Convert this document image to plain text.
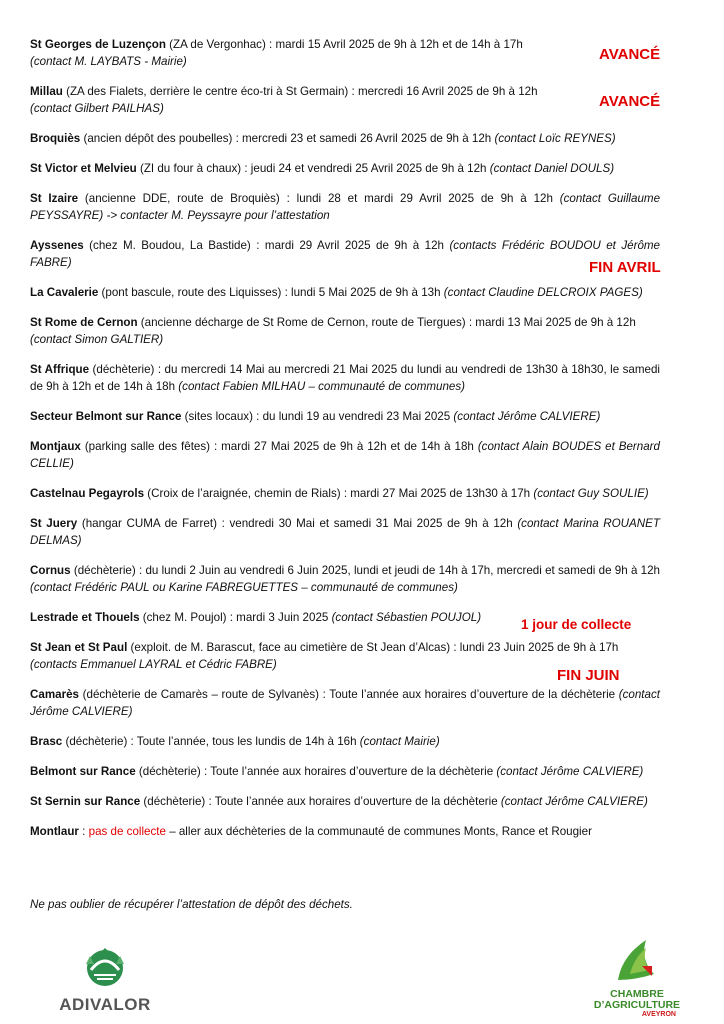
St Georges de Luzençon (ZA de Vergonhac) : mardi 15 Avril 2025 de 9h à 12h et de 14h à 17h
(contact M. LAYBATS - Mairie)
Millau (ZA des Fialets, derrière le centre éco-tri à St Germain) : mercredi 16 Avril 2025 de 9h à 12h
(contact Gilbert PAILHAS)
Broquiès (ancien dépôt des poubelles) : mercredi 23 et samedi 26 Avril 2025 de 9h à 12h (contact Loïc REYNES)
St Victor et Melvieu (ZI du four à chaux) : jeudi 24 et vendredi 25 Avril 2025 de 9h à 12h (contact Daniel DOULS)
St Izaire (ancienne DDE, route de Broquiès) : lundi 28 et mardi 29 Avril 2025 de 9h à 12h (contact Guillaume PEYSSAYRE) -> contacter M. Peyssayre pour l’attestation
Ayssenes (chez M. Boudou, La Bastide) : mardi 29 Avril 2025 de 9h à 12h (contacts Frédéric BOUDOU et Jérôme FABRE)
La Cavalerie (pont bascule, route des Liquisses) : lundi 5 Mai 2025 de 9h à 13h (contact Claudine DELCROIX PAGES)
St Rome de Cernon (ancienne décharge de St Rome de Cernon, route de Tiergues) : mardi 13 Mai 2025 de 9h à 12h
(contact Simon GALTIER)
St Affrique (déchèterie) : du mercredi 14 Mai au mercredi 21 Mai 2025 du lundi au vendredi de 13h30 à 18h30, le samedi de 9h à 12h et de 14h à 18h (contact Fabien MILHAU – communauté de communes)
Secteur Belmont sur Rance (sites locaux) : du lundi 19 au vendredi 23 Mai 2025 (contact Jérôme CALVIERE)
Montjaux (parking salle des fêtes) : mardi 27 Mai 2025 de 9h à 12h et de 14h à 18h (contact Alain BOUDES et Bernard CELLIE)
Castelnau Pegayrols (Croix de l’araignée, chemin de Rials) : mardi 27 Mai 2025 de 13h30 à 17h (contact Guy SOULIE)
St Juery (hangar CUMA de Farret) : vendredi 30 Mai et samedi 31 Mai 2025 de 9h à 12h (contact Marina ROUANET DELMAS)
Cornus (déchèterie) : du lundi 2 Juin au vendredi 6 Juin 2025, lundi et jeudi de 14h à 17h, mercredi et samedi de 9h à 12h (contact Frédéric PAUL ou Karine FABREGUETTES – communauté de communes)
Lestrade et Thouels (chez M. Poujol) : mardi 3 Juin 2025 (contact Sébastien POUJOL)
St Jean et St Paul (exploit. de M. Barascut, face au cimetière de St Jean d’Alcas) : lundi 23 Juin 2025 de 9h à 17h
(contacts Emmanuel LAYRAL et Cédric FABRE)
Camarès (déchèterie de Camarès – route de Sylvanès) : Toute l’année aux horaires d’ouverture de la déchèterie (contact Jérôme CALVIERE)
Brasc (déchèterie) : Toute l’année, tous les lundis de 14h à 16h (contact Mairie)
Belmont sur Rance (déchèterie) : Toute l’année aux horaires d’ouverture de la déchèterie (contact Jérôme CALVIERE)
St Sernin sur Rance (déchèterie) : Toute l’année aux horaires d’ouverture de la déchèterie (contact Jérôme CALVIERE)
Montlaur : pas de collecte – aller aux déchèteries de la communauté de communes Monts, Rance et Rougier
AVANCÉ
AVANCÉ
FIN AVRIL
1 jour de collecte
FIN JUIN
Ne pas oublier de récupérer l’attestation de dépôt des déchets.
ADIVALOR
CHAMBRE
D’AGRICULTURE
AVEYRON
